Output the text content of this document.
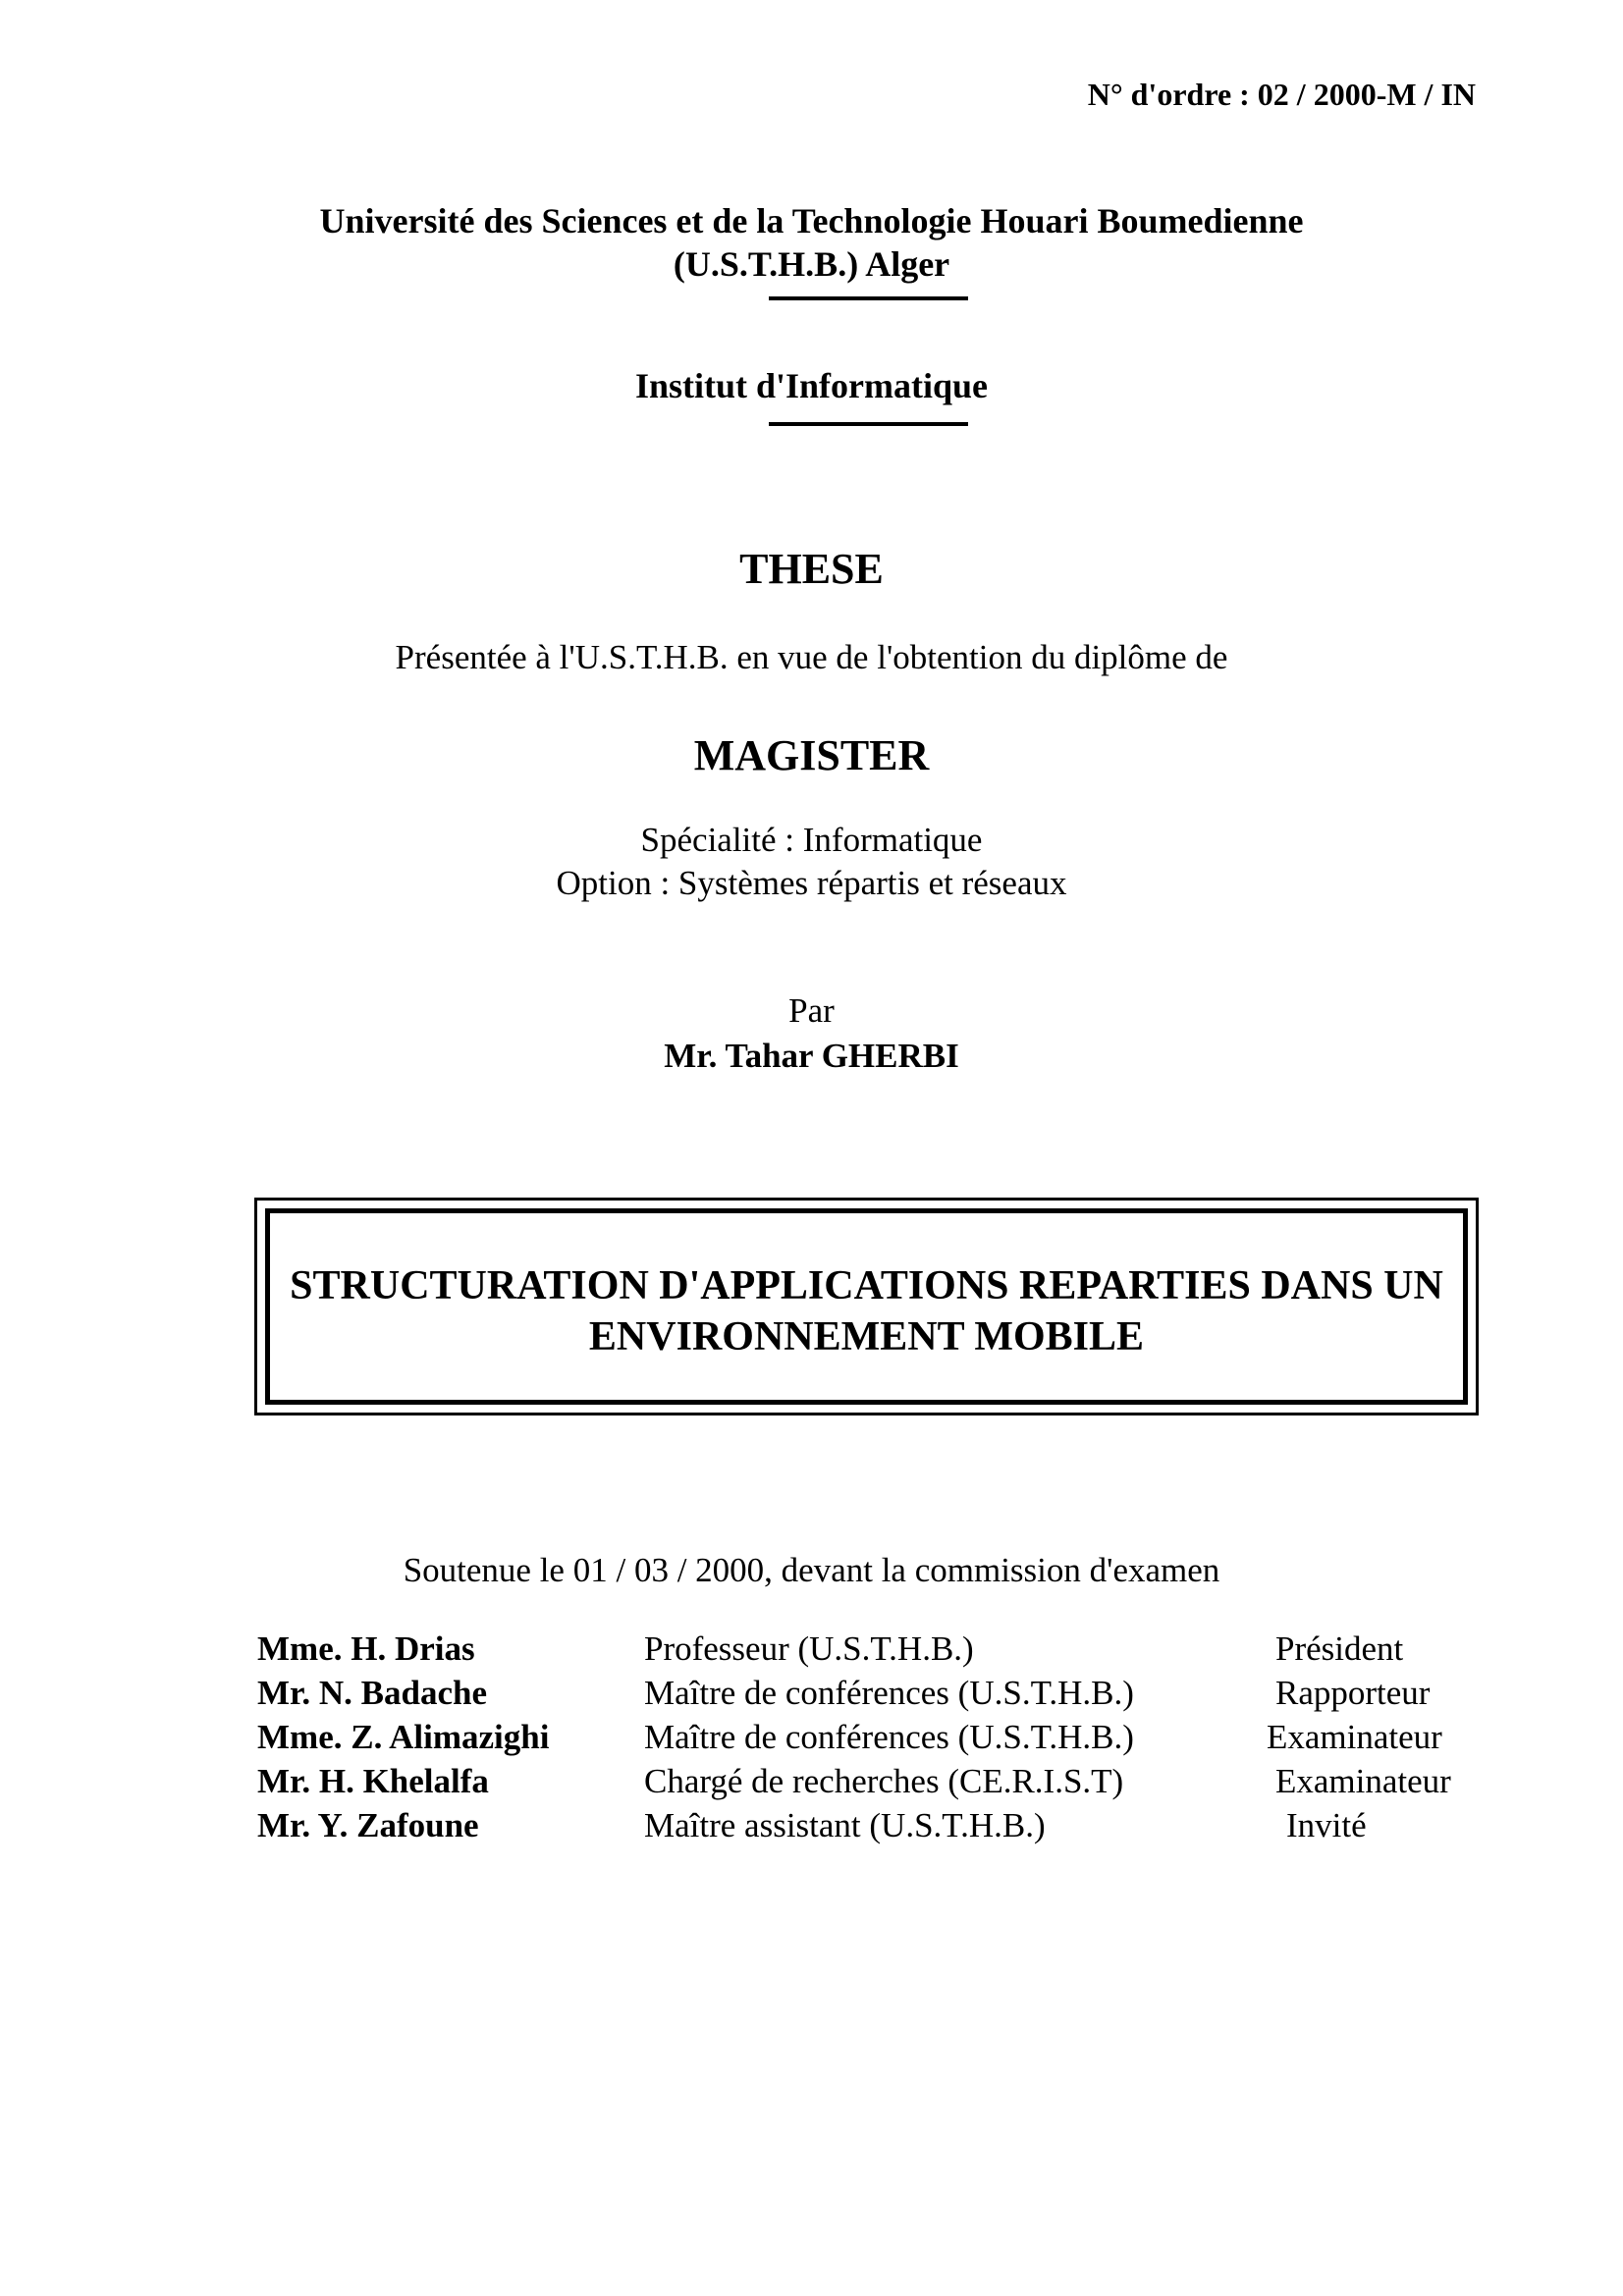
N° d'ordre : 02 / 2000-M / IN
Université des Sciences et de la Technologie Houari Boumedienne
(U.S.T.H.B.) Alger
Institut d'Informatique
THESE
Présentée à l'U.S.T.H.B. en vue de l'obtention du diplôme de
MAGISTER
Spécialité : Informatique
Option : Systèmes répartis et réseaux
Par
Mr. Tahar GHERBI
STRUCTURATION D'APPLICATIONS REPARTIES DANS UN ENVIRONNEMENT MOBILE
Soutenue le 01 / 03 / 2000, devant la commission d'examen
Mme. H. Drias	Professeur (U.S.T.H.B.)	Président
Mr. N. Badache	Maître de conférences (U.S.T.H.B.)	Rapporteur
Mme. Z. Alimazighi	Maître de conférences (U.S.T.H.B.)	Examinateur
Mr. H. Khelalfa	Chargé de recherches (CE.R.I.S.T)	Examinateur
Mr. Y. Zafoune	Maître assistant (U.S.T.H.B.)	Invité
